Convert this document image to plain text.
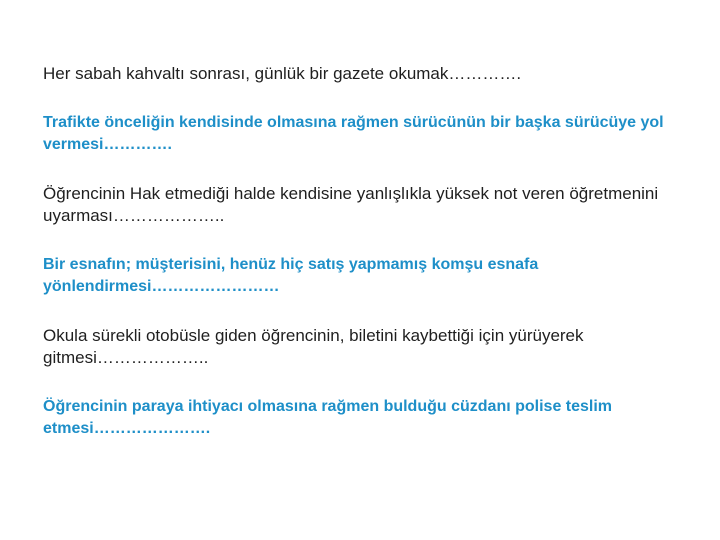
Her sabah kahvaltı sonrası, günlük bir gazete okumak………….

Trafikte önceliğin kendisinde olmasına rağmen sürücünün bir başka sürücüye yol vermesi………….

Öğrencinin Hak etmediği halde kendisine yanlışlıkla yüksek not veren öğretmenini uyarması………………..

Bir esnafın; müşterisini, henüz hiç satış yapmamış komşu esnafa yönlendirmesi……………………

Okula sürekli otobüsle giden öğrencinin, biletini kaybettiği için yürüyerek gitmesi………………..

Öğrencinin paraya ihtiyacı olmasına rağmen bulduğu cüzdanı polise teslim etmesi………………….
